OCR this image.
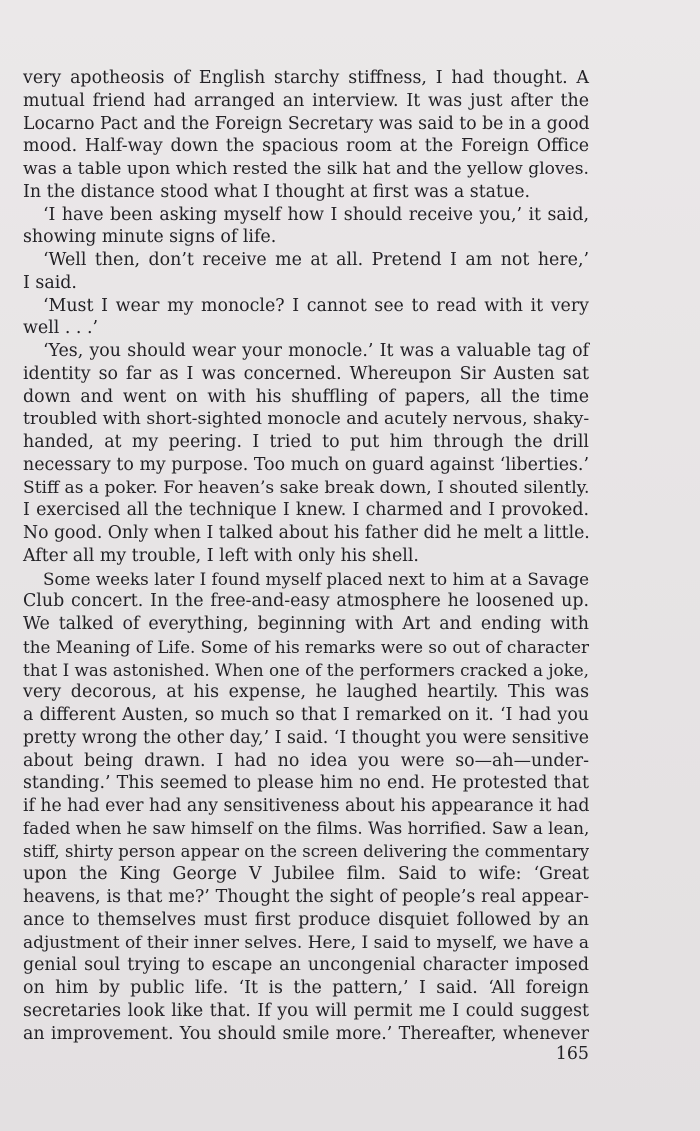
very apotheosis of English starchy stiffness, I had thought. A
mutual friend had arranged an interview. It was just after the
Locarno Pact and the Foreign Secretary was said to be in a good
mood. Half-way down the spacious room at the Foreign Office
was a table upon which rested the silk hat and the yellow gloves.
In the distance stood what I thought at first was a statue.
‘I have been asking myself how I should receive you,’ it said,
showing minute signs of life.
‘Well then, don’t receive me at all. Pretend I am not here,’
I said.
‘Must I wear my monocle? I cannot see to read with it very
well . . .’
‘Yes, you should wear your monocle.’ It was a valuable tag of
identity so far as I was concerned. Whereupon Sir Austen sat
down and went on with his shuffling of papers, all the time
troubled with short-sighted monocle and acutely nervous, shaky-
handed, at my peering. I tried to put him through the drill
necessary to my purpose. Too much on guard against ‘liberties.’
Stiff as a poker. For heaven’s sake break down, I shouted silently.
I exercised all the technique I knew. I charmed and I provoked.
No good. Only when I talked about his father did he melt a little.
After all my trouble, I left with only his shell.
Some weeks later I found myself placed next to him at a Savage
Club concert. In the free-and-easy atmosphere he loosened up.
We talked of everything, beginning with Art and ending with
the Meaning of Life. Some of his remarks were so out of character
that I was astonished. When one of the performers cracked a joke,
very decorous, at his expense, he laughed heartily. This was
a different Austen, so much so that I remarked on it. ‘I had you
pretty wrong the other day,’ I said. ‘I thought you were sensitive
about being drawn. I had no idea you were so—ah—under-
standing.’ This seemed to please him no end. He protested that
if he had ever had any sensitiveness about his appearance it had
faded when he saw himself on the films. Was horrified. Saw a lean,
stiff, shirty person appear on the screen delivering the commentary
upon the King George V Jubilee film. Said to wife: ‘Great
heavens, is that me?’ Thought the sight of people’s real appear-
ance to themselves must first produce disquiet followed by an
adjustment of their inner selves. Here, I said to myself, we have a
genial soul trying to escape an uncongenial character imposed
on him by public life. ‘It is the pattern,’ I said. ‘All foreign
secretaries look like that. If you will permit me I could suggest
an improvement. You should smile more.’ Thereafter, whenever
165
